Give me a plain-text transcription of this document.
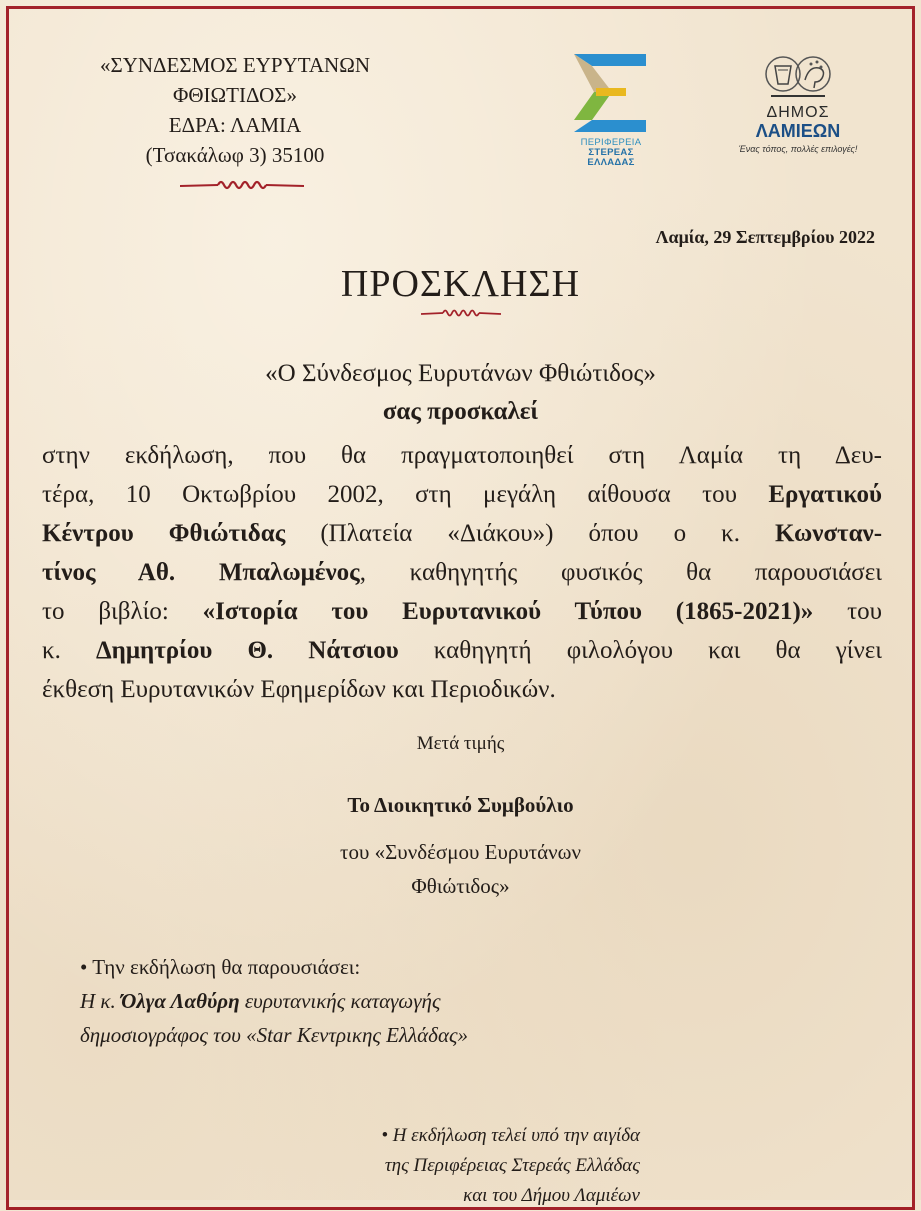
«ΣΥΝΔΕΣΜΟΣ ΕΥΡΥΤΑΝΩΝ
ΦΘΙΩΤΙΔΟΣ»
ΕΔΡΑ: ΛΑΜΙΑ
(Τσακάλωφ 3) 35100
ΠΕΡΙΦΕΡΕΙΑ
ΣΤΕΡΕΑΣ
ΕΛΛΑΔΑΣ
ΔΗΜΟΣ
ΛΑΜΙΕΩΝ
Ένας τόπος, πολλές επιλογές!
Λαμία, 29 Σεπτεμβρίου 2022
ΠΡΟΣΚΛΗΣΗ
«Ο Σύνδεσμος Ευρυτάνων Φθιώτιδος»
σας προσκαλεί
στην εκδήλωση, που θα πραγματοποιηθεί στη Λαμία τη Δευ-
τέρα, 10 Οκτωβρίου 2002, στη μεγάλη αίθουσα του Εργατικού
Κέντρου Φθιώτιδας (Πλατεία «Διάκου») όπου ο κ. Κωνσταν-
τίνος Αθ. Μπαλωμένος, καθηγητής φυσικός θα παρουσιάσει
το βιβλίο: «Ιστορία του Ευρυτανικού Τύπου (1865-2021)» του
κ. Δημητρίου Θ. Νάτσιου καθηγητή φιλολόγου και θα γίνει
έκθεση Ευρυτανικών Εφημερίδων και Περιοδικών.
Μετά τιμής
Το Διοικητικό Συμβούλιο
του «Συνδέσμου Ευρυτάνων
Φθιώτιδος»
• Την εκδήλωση θα παρουσιάσει:
Η κ. Όλγα Λαθύρη ευρυτανικής καταγωγής
δημοσιογράφος του «Star Κεντρικης Ελλάδας»
• Η εκδήλωση τελεί υπό την αιγίδα
της Περιφέρειας Στερεάς Ελλάδας
και του Δήμου Λαμιέων
